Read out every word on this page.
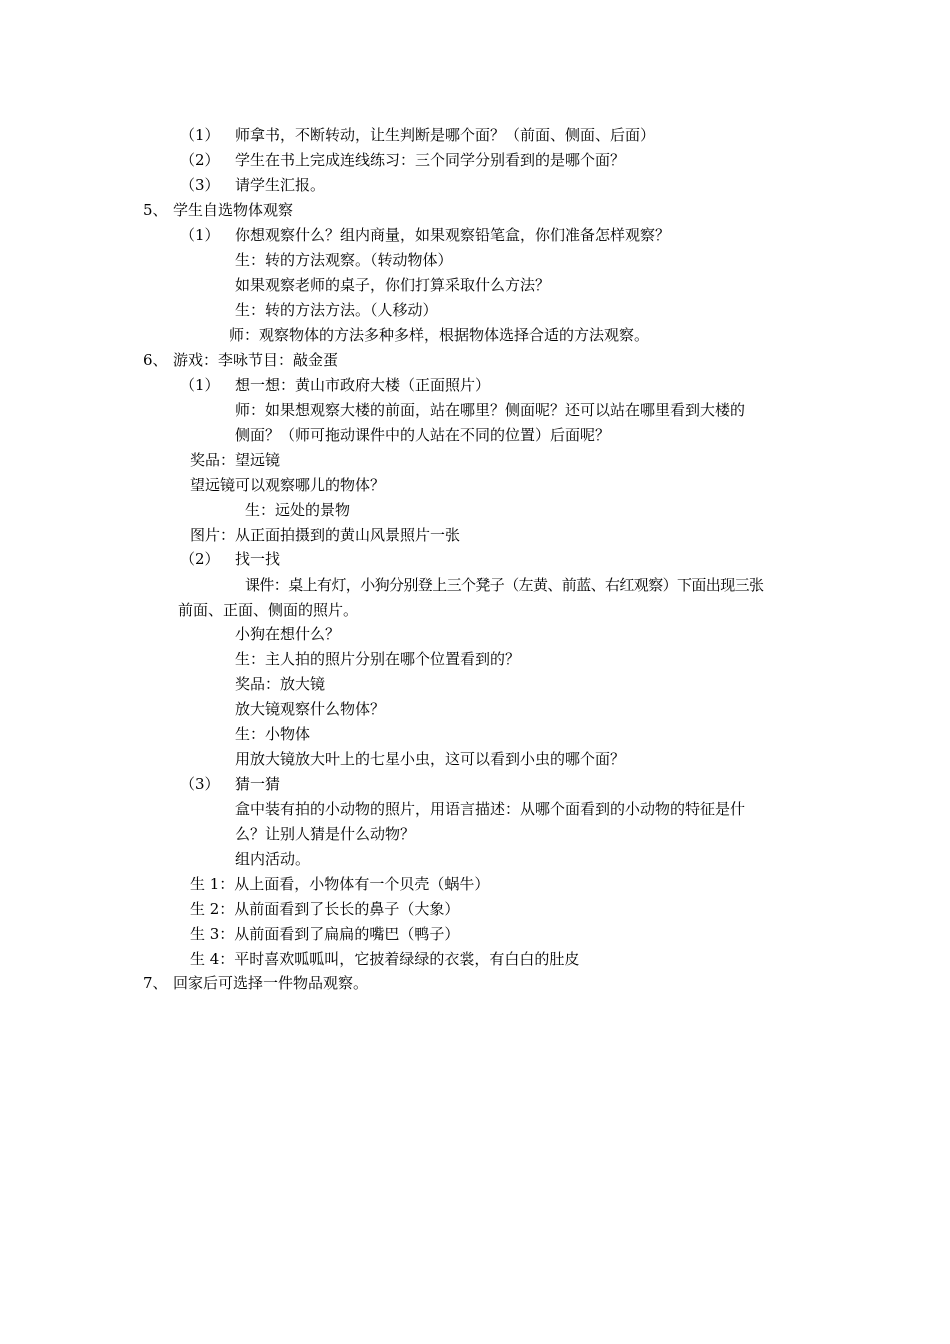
（1） 师拿书，不断转动，让生判断是哪个面？（前面、侧面、后面）
（2） 学生在书上完成连线练习：三个同学分别看到的是哪个面？
（3） 请学生汇报。
5、 学生自选物体观察
（1） 你想观察什么？组内商量，如果观察铅笔盒，你们准备怎样观察？
生：转的方法观察。（转动物体）
如果观察老师的桌子，你们打算采取什么方法？
生：转的方法方法。（人移动）
师：观察物体的方法多种多样，根据物体选择合适的方法观察。
6、 游戏：李咏节目：敲金蛋
（1） 想一想：黄山市政府大楼（正面照片）
师：如果想观察大楼的前面，站在哪里？侧面呢？还可以站在哪里看到大楼的
侧面？（师可拖动课件中的人站在不同的位置）后面呢？
奖品：望远镜
望远镜可以观察哪儿的物体？
生：远处的景物
图片：从正面拍摄到的黄山风景照片一张
（2） 找一找
课件：桌上有灯，小狗分别登上三个凳子（左黄、前蓝、右红观察）下面出现三张
前面、正面、侧面的照片。
小狗在想什么？
生：主人拍的照片分别在哪个位置看到的？
奖品：放大镜
放大镜观察什么物体？
生：小物体
用放大镜放大叶上的七星小虫，这可以看到小虫的哪个面？
（3） 猜一猜
盒中装有拍的小动物的照片，用语言描述：从哪个面看到的小动物的特征是什
么？让别人猜是什么动物？
组内活动。
生 1：从上面看，小物体有一个贝壳（蜗牛）
生 2：从前面看到了长长的鼻子（大象）
生 3：从前面看到了扁扁的嘴巴（鸭子）
生 4：平时喜欢呱呱叫，它披着绿绿的衣裳，有白白的肚皮
7、 回家后可选择一件物品观察。
